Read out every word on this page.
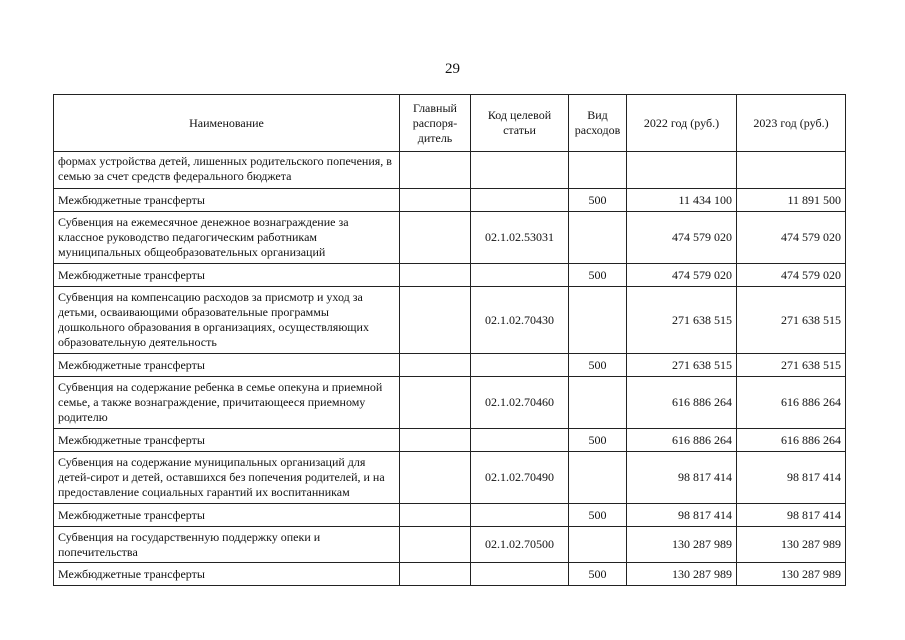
29
Наименование	Главный распоря-дитель	Код целевой статьи	Вид расходов	2022 год (руб.)	2023 год (руб.)
формах устройства детей, лишенных родительского попечения, в семью за счет средств федерального бюджета					
Межбюджетные трансферты			500	11 434 100	11 891 500
Субвенция на ежемесячное денежное вознаграждение за классное руководство педагогическим работникам муниципальных общеобразовательных организаций		02.1.02.53031		474 579 020	474 579 020
Межбюджетные трансферты			500	474 579 020	474 579 020
Субвенция на компенсацию расходов за присмотр и уход за детьми, осваивающими образовательные программы дошкольного образования в организациях, осуществляющих образовательную деятельность		02.1.02.70430		271 638 515	271 638 515
Межбюджетные трансферты			500	271 638 515	271 638 515
Субвенция на содержание ребенка в семье опекуна и приемной семье, а также вознаграждение, причитающееся приемному родителю		02.1.02.70460		616 886 264	616 886 264
Межбюджетные трансферты			500	616 886 264	616 886 264
Субвенция на содержание муниципальных организаций для детей-сирот и детей, оставшихся без попечения родителей, и на предоставление социальных гарантий их воспитанникам		02.1.02.70490		98 817 414	98 817 414
Межбюджетные трансферты			500	98 817 414	98 817 414
Субвенция на государственную поддержку опеки и попечительства		02.1.02.70500		130 287 989	130 287 989
Межбюджетные трансферты			500	130 287 989	130 287 989
